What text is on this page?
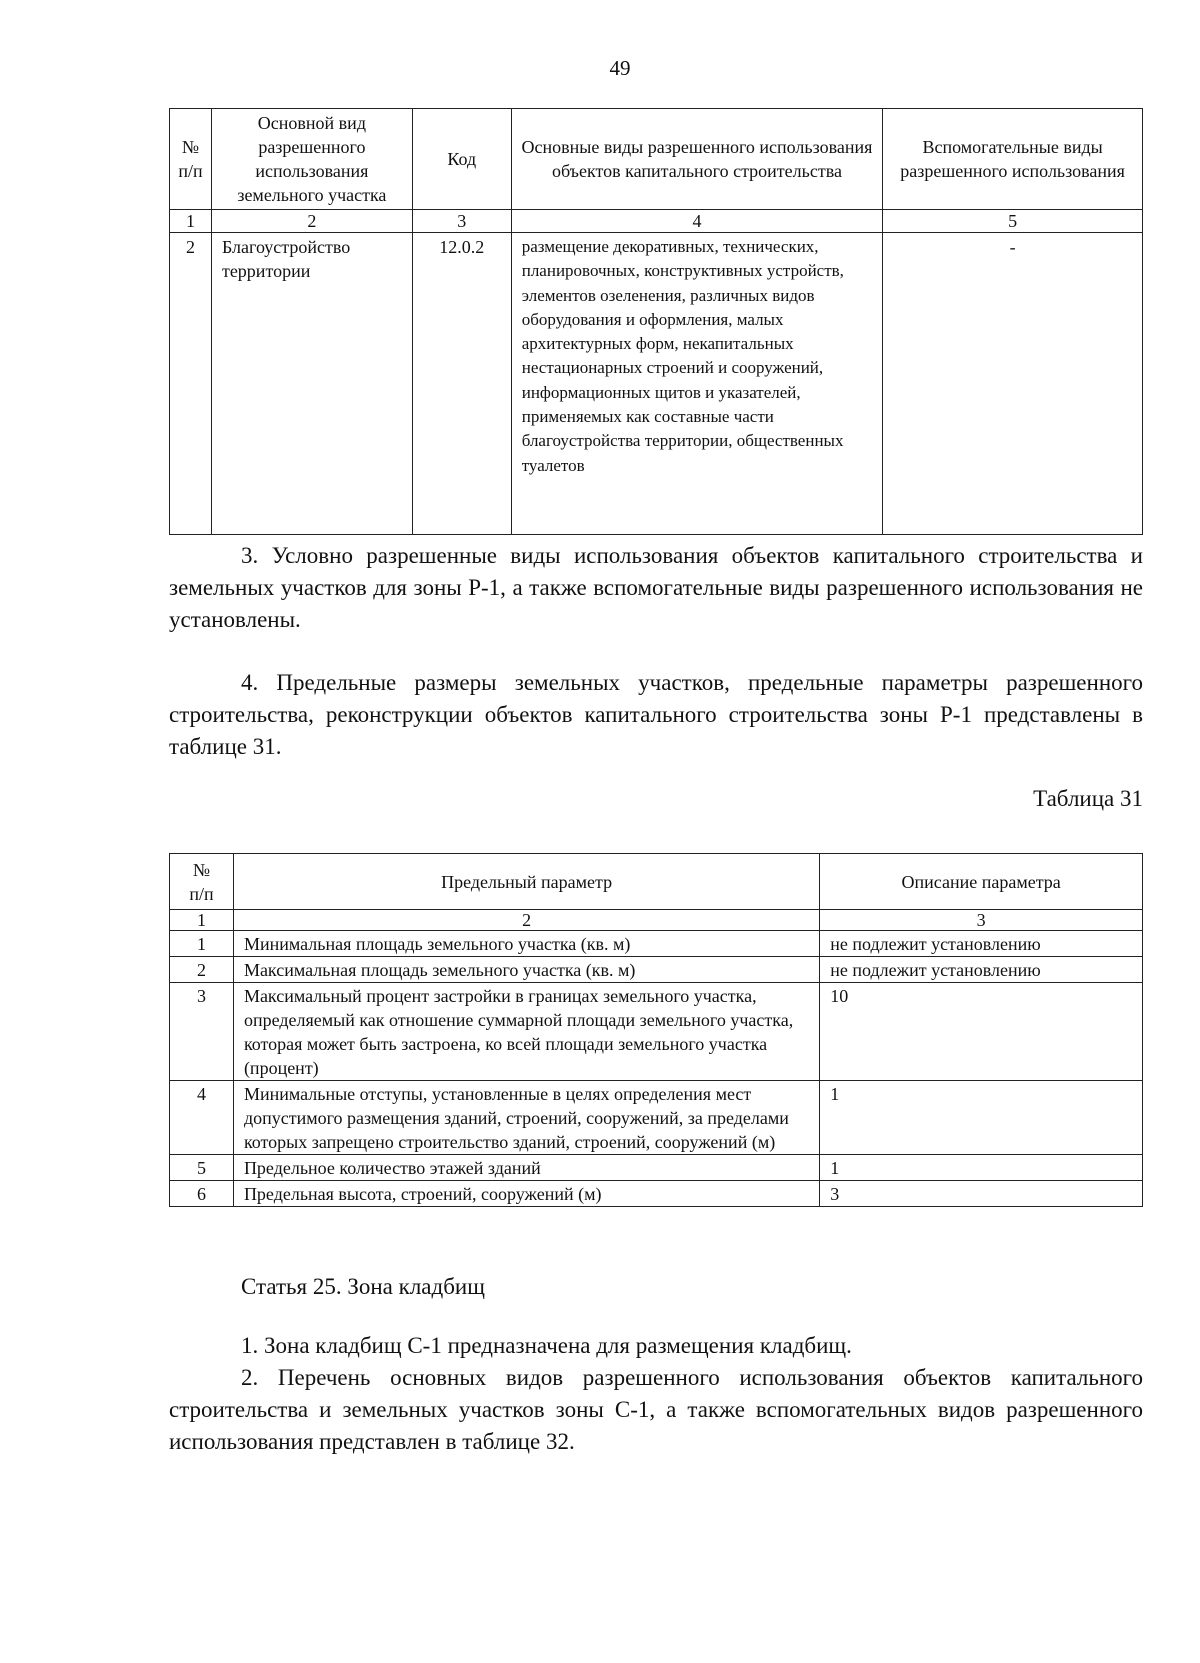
49
№
п/п	Основной вид разрешенного использования земельного участка	Код	Основные виды разрешенного использования объектов капитального строительства	Вспомогательные виды разрешенного использования
1	2	3	4	5
2	Благоустройство территории	12.0.2	размещение декоративных, технических, планировочных, конструктивных устройств, элементов озеленения, различных видов оборудования и оформления, малых архитектурных форм, некапитальных нестационарных строений и сооружений, информационных щитов и указателей, применяемых как составные части благоустройства территории, общественных туалетов	-

3. Условно разрешенные виды использования объектов капитального строительства и земельных участков для зоны Р-1, а также вспомогательные виды разрешенного использования не установлены.

4. Предельные размеры земельных участков, предельные параметры разрешенного строительства, реконструкции объектов капитального строительства зоны Р-1 представлены в таблице 31.

Таблица 31
№
п/п	Предельный параметр	Описание параметра
1	2	3
1	Минимальная площадь земельного участка (кв. м)	не подлежит установлению
2	Максимальная площадь земельного участка (кв. м)	не подлежит установлению
3	Максимальный процент застройки в границах земельного участка, определяемый как отношение суммарной площади земельного участка, которая может быть застроена, ко всей площади земельного участка (процент)	10
4	Минимальные отступы, установленные в целях определения мест допустимого размещения зданий, строений, сооружений, за пределами которых запрещено строительство зданий, строений, сооружений (м)	1
5	Предельное количество этажей зданий	1
6	Предельная высота, строений, сооружений (м)	3
Статья 25. Зона кладбищ

1. Зона кладбищ С-1 предназначена для размещения кладбищ.

2. Перечень основных видов разрешенного использования объектов капитального строительства и земельных участков зоны С-1, а также вспомогательных видов разрешенного использования представлен в таблице 32.
